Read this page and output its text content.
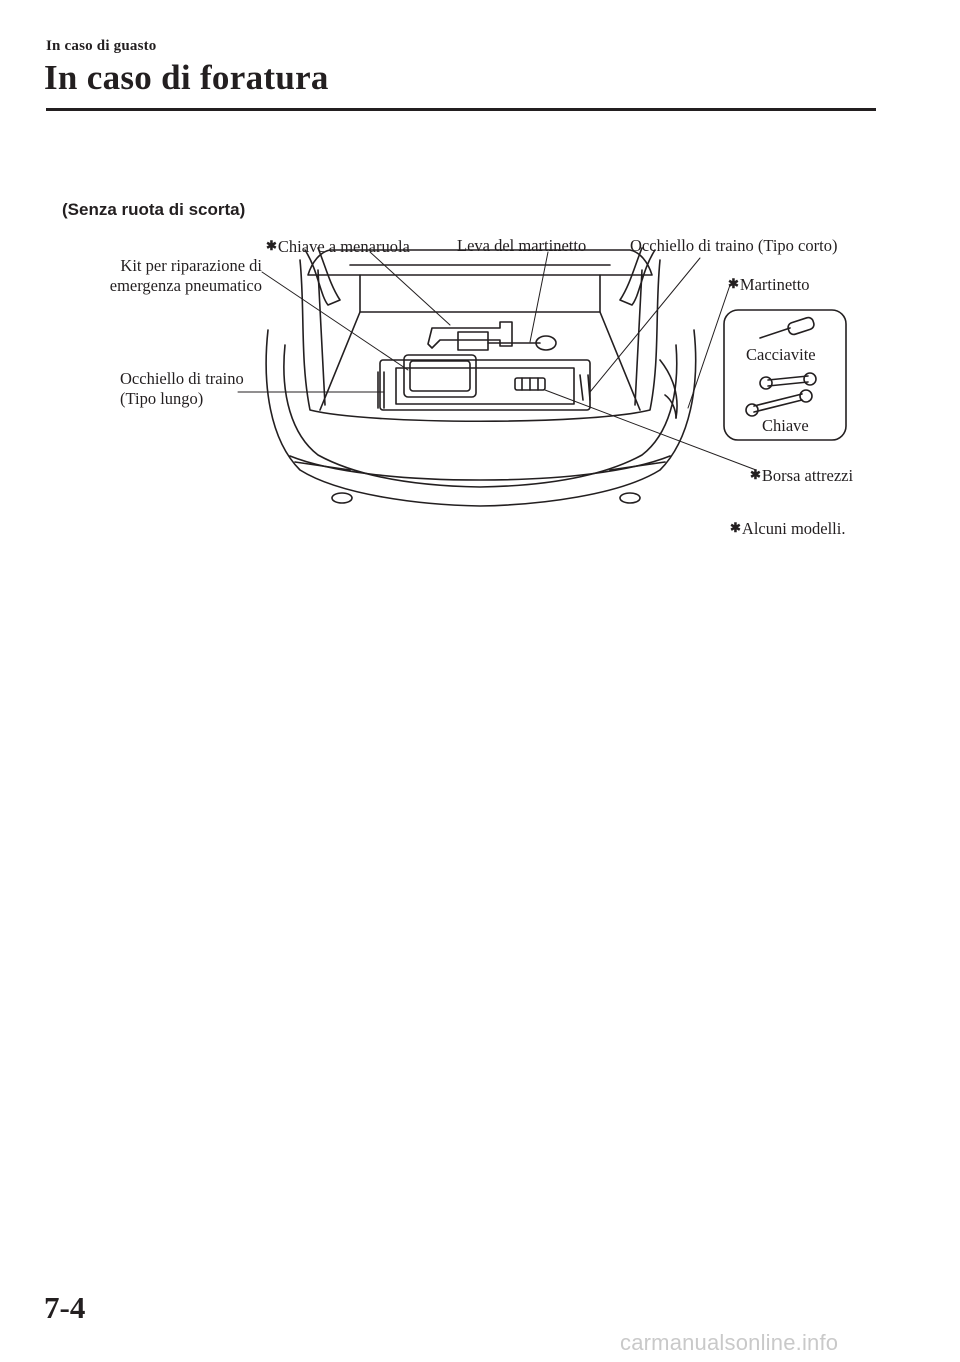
In caso di guasto
In caso di foratura
(Senza ruota di scorta)
✱Chiave a menaruola	Leva del martinetto	Occhiello di traino (Tipo corto)
Kit per riparazione di
emergenza pneumatico	✱Martinetto
Cacciavite
Chiave
Occhiello di traino
(Tipo lungo)
✱Borsa attrezzi
✱Alcuni modelli.
7-4
carmanualsonline.info
